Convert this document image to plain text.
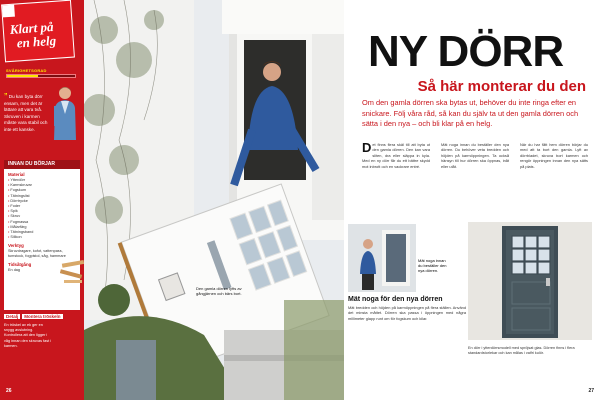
Klart på
en helg
SVÅRIGHETSGRAD
” Du kan byta dörr ensam, men det är lättare att vara två. Skruven i karmen måste vara stabil och inte ett kanske.
INNAN DU BÖRJAR
Material
• Ytterdörr
• Karmskruvar
• Fogskum
• Tätningslist
• Dörrtrycke
• Foder
• Spik
• Skruv
• Fogmassa
• Målarfärg
• Tätningsband
• Silikon
Verktyg

Skruvdragare, kofot, vattenpass, tumstock, fogpistol, såg, hammare

Tidsåtgång

En dag

Detalj Montera tröskeln
En tröskel av ek ger en snygg avslutning. Kontrollera att den ligger i våg innan den skruvas fast i karmen.
26
Den gamla dörren lyfts av gångjärnen och bärs bort.
NY DÖRR
Så här monterar du den
Om den gamla dörren ska bytas ut, behöver du inte ringa efter en snickare. Följ våra råd, så kan du själv ta ut den gamla dörren och sätta i den nya – och bli klar på en helg.
Det finns flera skäl till att byta ut den gamla dörren. Den kan vara sliten, dra eller släppa in kyla. Med en ny dörr får du ett bättre skydd mot inbrott och en vackrare entré.
Mät noga innan du beställer den nya dörren. Du behöver veta bredden och höjden på karmöppningen. Ta också hänsyn till hur dörren ska öppnas, inåt eller utåt.
När du har fått hem dörren börjar du med att ta bort den gamla. Lyft av dörrbladet, skruva bort karmen och rengör öppningen innan den nya sätts på plats.
Mät noga innan du beställer den nya dörren.
Mät noga för den nya dörren
Mät bredden och höjden på karmöppningen på flera ställen. Använd det minsta måttet. Dörren ska passa i öppningen med några millimeter glapp runt om för fogskum och kilar.
En dörr i ytterdörrsmodell med spröjsat glas. Dörren finns i flera standardstorlekar och kan målas i valfri kulör.
27
